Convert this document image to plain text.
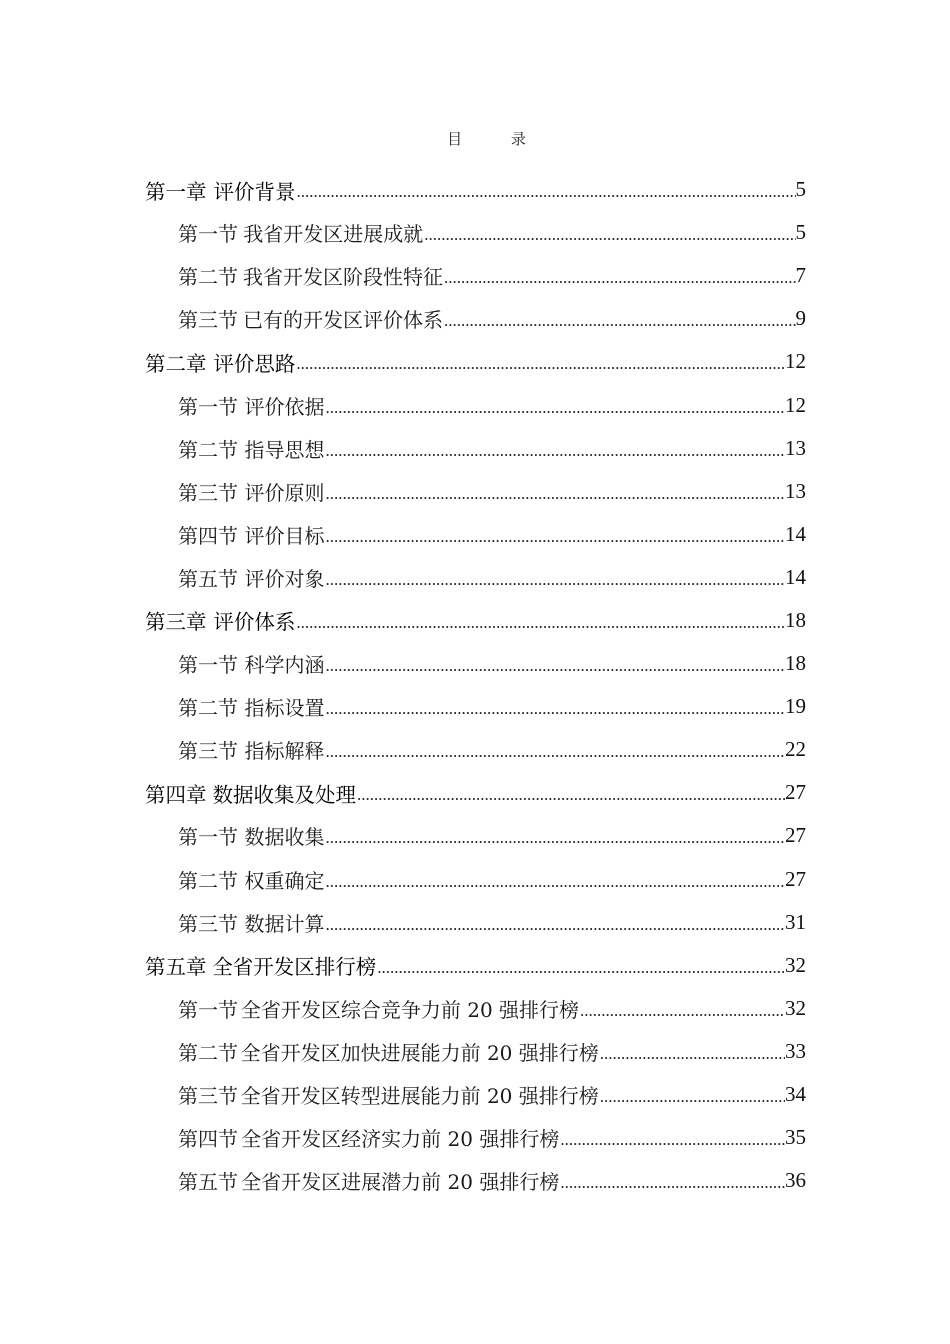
目 录
第一章 评价背景 .....	5
第一节 我省开发区进展成就 .....	5
第二节 我省开发区阶段性特征 .....	7
第三节 已有的开发区评价体系 .....	9
第二章 评价思路 .....	12
第一节 评价依据 .....	12
第二节 指导思想 .....	13
第三节 评价原则 .....	13
第四节 评价目标 .....	14
第五节 评价对象 .....	14
第三章 评价体系 .....	18
第一节 科学内涵 .....	18
第二节 指标设置 .....	19
第三节 指标解释 .....	22
第四章 数据收集及处理 .....	27
第一节 数据收集 .....	27
第二节 权重确定 .....	27
第三节 数据计算 .....	31
第五章 全省开发区排行榜 .....	32
第一节 全省开发区综合竞争力前 20 强排行榜 .....	32
第二节 全省开发区加快进展能力前 20 强排行榜 .....	33
第三节 全省开发区转型进展能力前 20 强排行榜 .....	34
第四节 全省开发区经济实力前 20 强排行榜 .....	35
第五节 全省开发区进展潜力前 20 强排行榜 .....	36
